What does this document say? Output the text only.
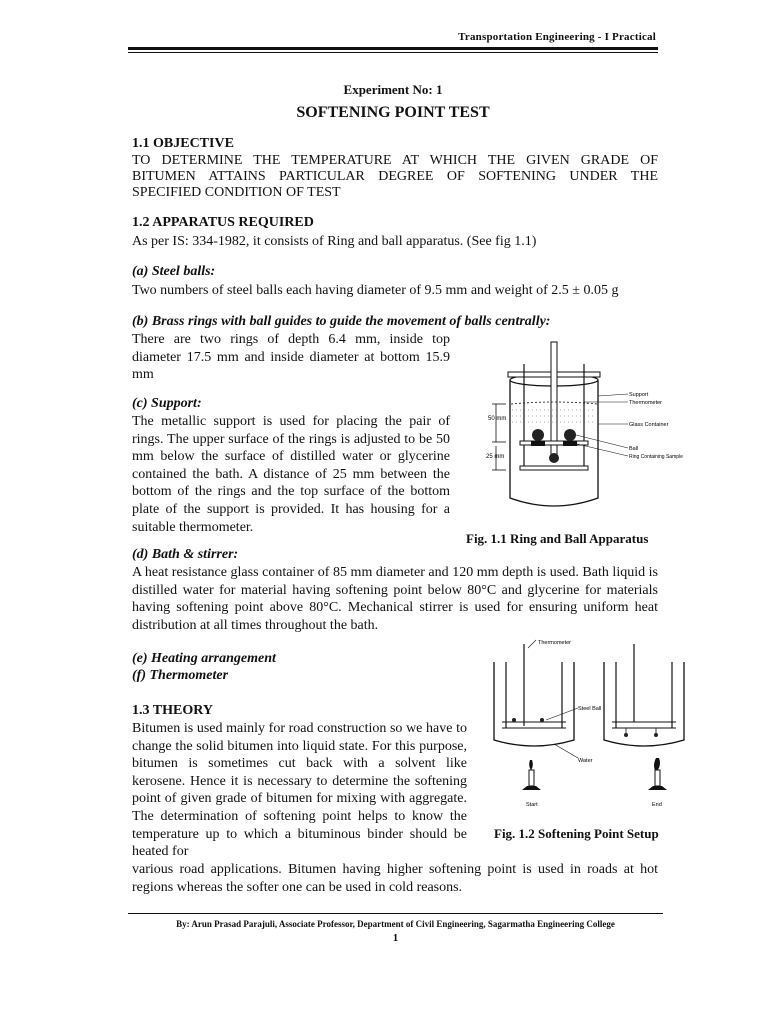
Transportation Engineering - I Practical
Experiment No: 1
SOFTENING POINT TEST
1.1 OBJECTIVE
TO DETERMINE THE TEMPERATURE AT WHICH THE GIVEN GRADE OF
BITUMEN ATTAINS PARTICULAR DEGREE OF SOFTENING UNDER THE
SPECIFIED CONDITION OF TEST
1.2 APPARATUS REQUIRED
As per IS: 334-1982, it consists of Ring and ball apparatus. (See fig 1.1)
(a) Steel balls:
Two numbers of steel balls each having diameter of 9.5 mm and weight of 2.5 ± 0.05 g
(b) Brass rings with ball guides to guide the movement of balls centrally:
There are two rings of depth 6.4 mm, inside top diameter 17.5 mm and inside diameter at bottom 15.9 mm
(c) Support:
The metallic support is used for placing the pair of rings. The upper surface of the rings is adjusted to be 50 mm below the surface of distilled water or glycerine contained the bath. A distance of 25 mm between the bottom of the rings and the top surface of the bottom plate of the support is provided. It has housing for a suitable thermometer.
50 mm
25 mm
Support
Thermometer
Glass Container
Ball
Ring Containing Sample
Fig. 1.1 Ring and Ball Apparatus
(d) Bath & stirrer:
A heat resistance glass container of 85 mm diameter and 120 mm depth is used. Bath liquid is distilled water for material having softening point below 80°C and glycerine for materials having softening point above 80°C. Mechanical stirrer is used for ensuring uniform heat distribution at all times throughout the bath.
(e) Heating arrangement
(f) Thermometer
1.3 THEORY
Bitumen is used mainly for road construction so we have to change the solid bitumen into liquid state. For this purpose, bitumen is sometimes cut back with a solvent like kerosene. Hence it is necessary to determine the softening point of given grade of bitumen for mixing with aggregate. The determination of softening point helps to know the temperature up to which a bituminous binder should be heated for
various road applications. Bitumen having higher softening point is used in roads at hot regions whereas the softer one can be used in cold reasons.
Thermometer
Steel Ball
Water
Start	End
Fig. 1.2 Softening Point Setup
By: Arun Prasad Parajuli, Associate Professor, Department of Civil Engineering, Sagarmatha Engineering College
1
